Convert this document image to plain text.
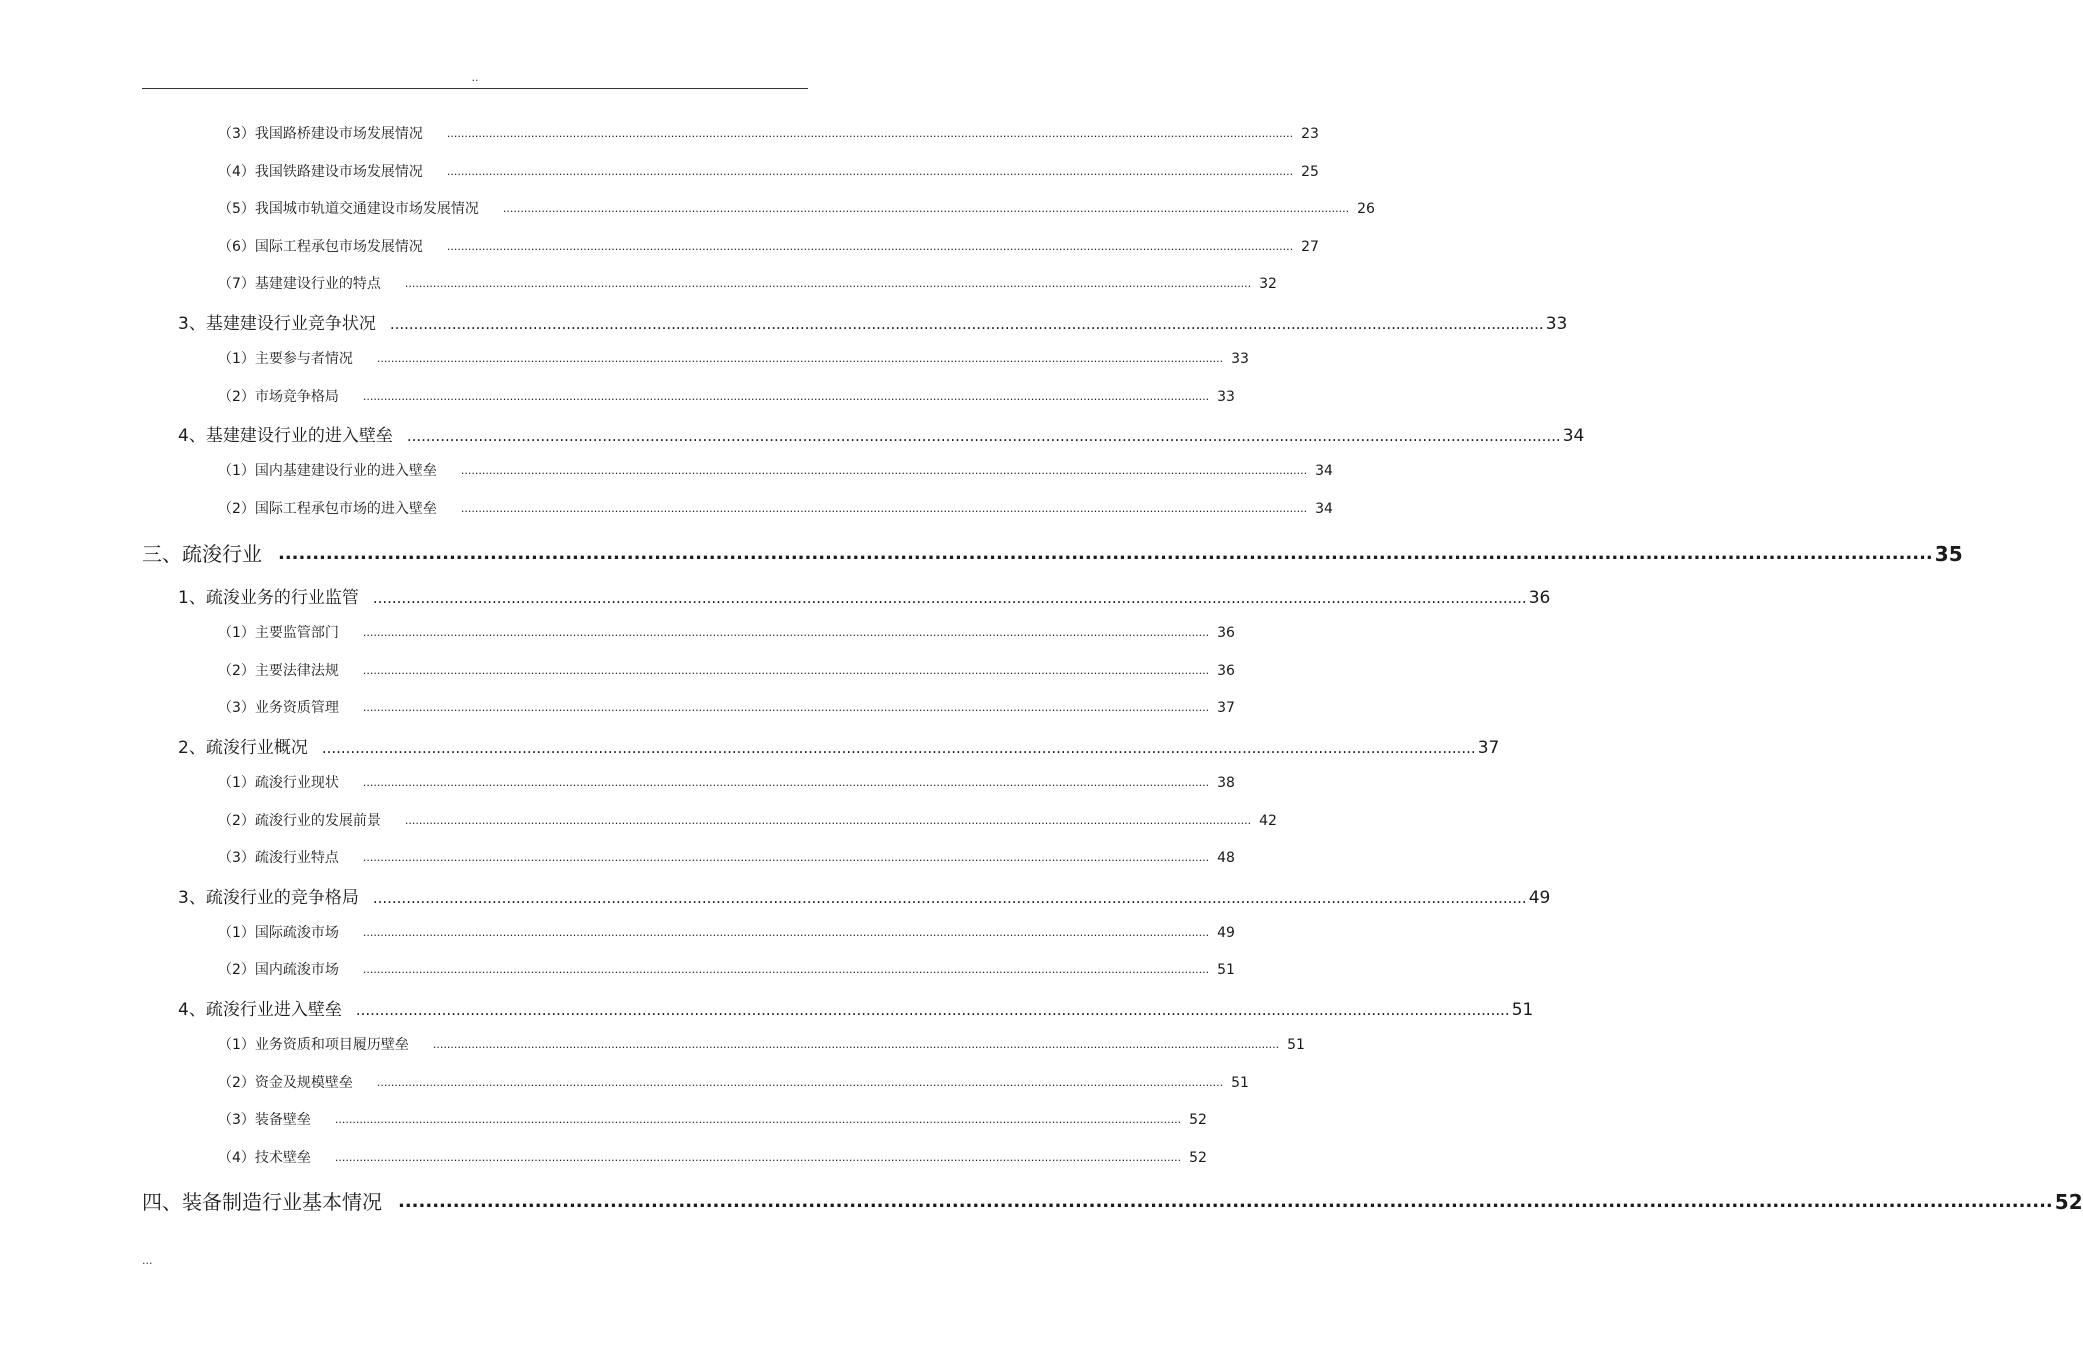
..
（3）我国路桥建设市场发展情况 .................................................................................................................................................................................................................................................. 23
（4）我国铁路建设市场发展情况 .................................................................................................................................................................................................................................................. 25
（5）我国城市轨道交通建设市场发展情况 .................................................................................................................................................................................................................................................. 26
（6）国际工程承包市场发展情况 .................................................................................................................................................................................................................................................. 27
（7）基建建设行业的特点 .................................................................................................................................................................................................................................................. 32
3、基建建设行业竞争状况 .................................................................................................................................................................................................................................................. 33
（1）主要参与者情况 .................................................................................................................................................................................................................................................. 33
（2）市场竞争格局 .................................................................................................................................................................................................................................................. 33
4、基建建设行业的进入壁垒 .................................................................................................................................................................................................................................................. 34
（1）国内基建建设行业的进入壁垒 .................................................................................................................................................................................................................................................. 34
（2）国际工程承包市场的进入壁垒 .................................................................................................................................................................................................................................................. 34
三、疏浚行业 .................................................................................................................................................................................................................................................. 35
1、疏浚业务的行业监管 .................................................................................................................................................................................................................................................. 36
（1）主要监管部门 .................................................................................................................................................................................................................................................. 36
（2）主要法律法规 .................................................................................................................................................................................................................................................. 36
（3）业务资质管理 .................................................................................................................................................................................................................................................. 37
2、疏浚行业概况 .................................................................................................................................................................................................................................................. 37
（1）疏浚行业现状 .................................................................................................................................................................................................................................................. 38
（2）疏浚行业的发展前景 .................................................................................................................................................................................................................................................. 42
（3）疏浚行业特点 .................................................................................................................................................................................................................................................. 48
3、疏浚行业的竞争格局 .................................................................................................................................................................................................................................................. 49
（1）国际疏浚市场 .................................................................................................................................................................................................................................................. 49
（2）国内疏浚市场 .................................................................................................................................................................................................................................................. 51
4、疏浚行业进入壁垒 .................................................................................................................................................................................................................................................. 51
（1）业务资质和项目履历壁垒 .................................................................................................................................................................................................................................................. 51
（2）资金及规模壁垒 .................................................................................................................................................................................................................................................. 51
（3）装备壁垒 .................................................................................................................................................................................................................................................. 52
（4）技术壁垒 .................................................................................................................................................................................................................................................. 52
四、装备制造行业基本情况 .................................................................................................................................................................................................................................................. 52
...
